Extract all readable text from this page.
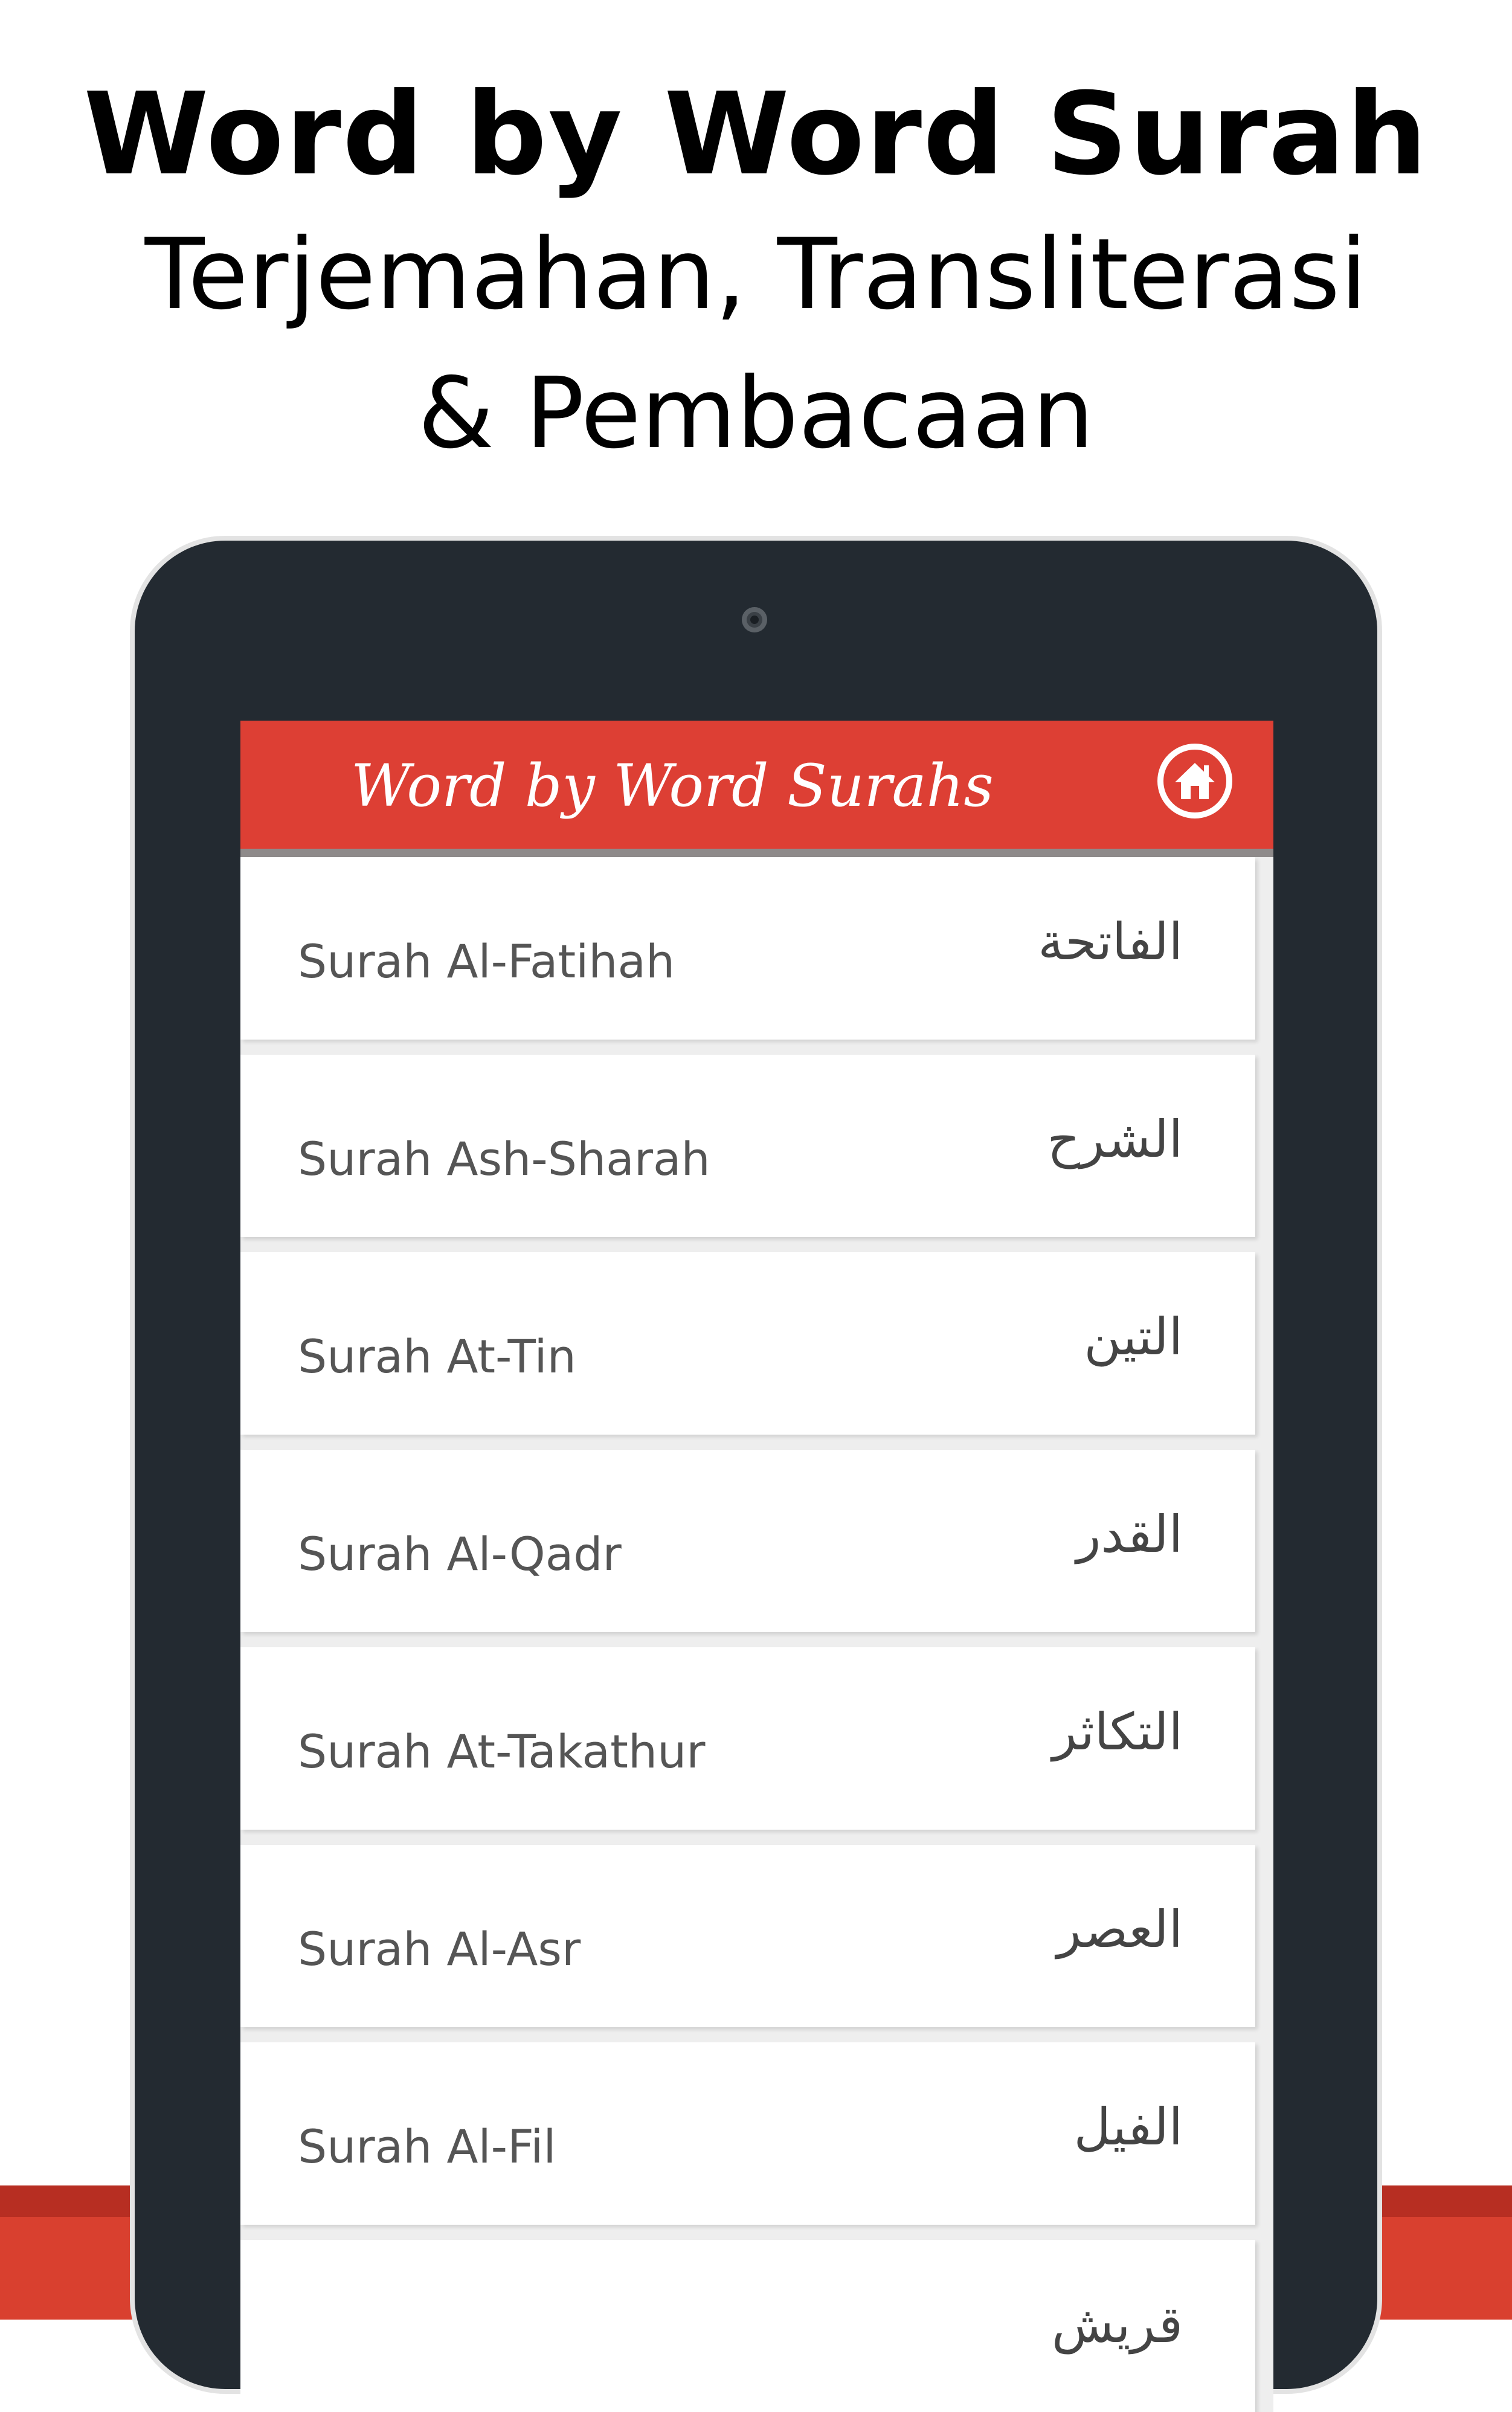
Word by Word Surah
Terjemahan, Transliterasi
& Pembacaan
Word by Word Surahs
Surah Al-Fatihah	الفاتحة
Surah Ash-Sharah	الشرح
Surah At-Tin	التين
Surah Al-Qadr	القدر
Surah At-Takathur	التكاثر
Surah Al-Asr	العصر
Surah Al-Fil	الفيل
قريش
